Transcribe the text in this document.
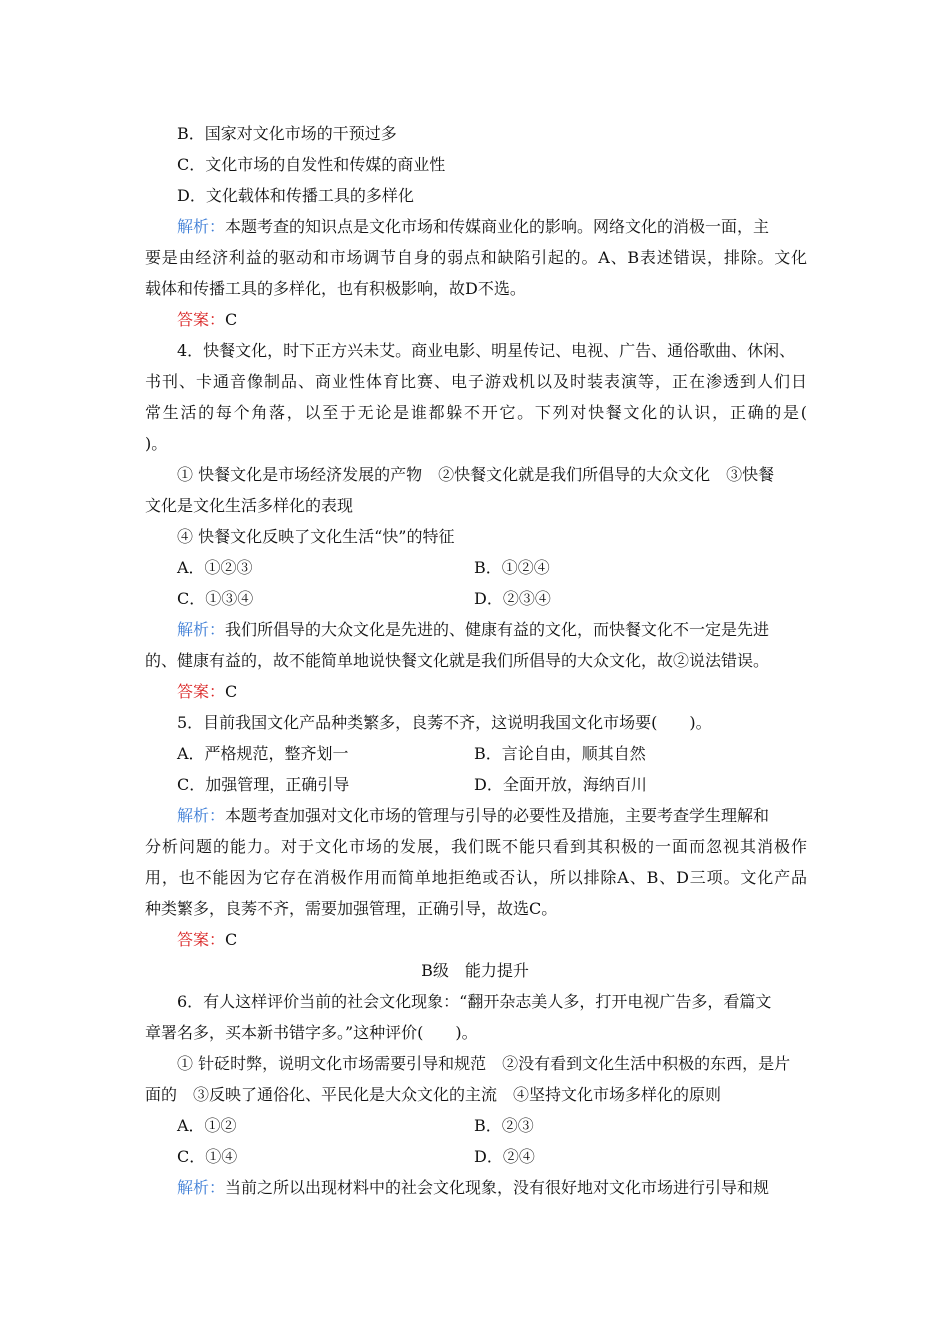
B．国家对文化市场的干预过多
C．文化市场的自发性和传媒的商业性
D．文化载体和传播工具的多样化
解析：本题考查的知识点是文化市场和传媒商业化的影响。网络文化的消极一面，主
要是由经济利益的驱动和市场调节自身的弱点和缺陷引起的。A、B表述错误，排除。文化
载体和传播工具的多样化，也有积极影响，故D不选。
答案：C
4．快餐文化，时下正方兴未艾。商业电影、明星传记、电视、广告、通俗歌曲、休闲、
书刊、卡通音像制品、商业性体育比赛、电子游戏机以及时装表演等，正在渗透到人们日
常生活的每个角落，以至于无论是谁都躲不开它。下列对快餐文化的认识，正确的是(
)。
① 快餐文化是市场经济发展的产物　②快餐文化就是我们所倡导的大众文化　③快餐
文化是文化生活多样化的表现
④ 快餐文化反映了文化生活“快”的特征
A．①②③	B．①②④
C．①③④	D．②③④
解析：我们所倡导的大众文化是先进的、健康有益的文化，而快餐文化不一定是先进
的、健康有益的，故不能简单地说快餐文化就是我们所倡导的大众文化，故②说法错误。
答案：C
5．目前我国文化产品种类繁多，良莠不齐，这说明我国文化市场要(　　)。
A．严格规范，整齐划一	B．言论自由，顺其自然
C．加强管理，正确引导	D．全面开放，海纳百川
解析：本题考查加强对文化市场的管理与引导的必要性及措施，主要考查学生理解和
分析问题的能力。对于文化市场的发展，我们既不能只看到其积极的一面而忽视其消极作
用，也不能因为它存在消极作用而简单地拒绝或否认，所以排除A、B、D三项。文化产品
种类繁多，良莠不齐，需要加强管理，正确引导，故选C。
答案：C
B级　能力提升
6．有人这样评价当前的社会文化现象：“翻开杂志美人多，打开电视广告多，看篇文
章署名多，买本新书错字多。”这种评价(　　)。
① 针砭时弊，说明文化市场需要引导和规范　②没有看到文化生活中积极的东西，是片
面的　③反映了通俗化、平民化是大众文化的主流　④坚持文化市场多样化的原则
A．①②	B．②③
C．①④	D．②④
解析：当前之所以出现材料中的社会文化现象，没有很好地对文化市场进行引导和规
